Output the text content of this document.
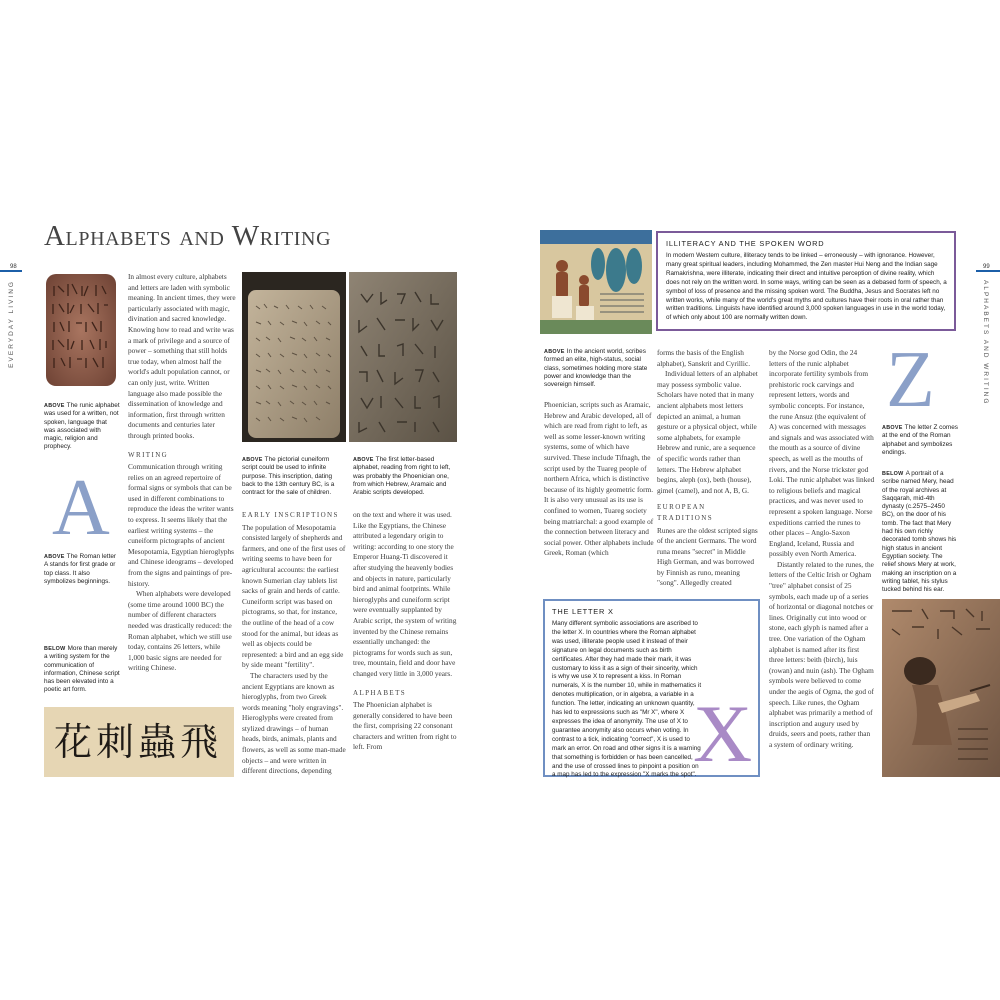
98
EVERYDAY LIVING
99
ALPHABETS AND WRITING
Alphabets and Writing
ABOVE The runic alphabet was used for a written, not spoken, language that was associated with magic, religion and prophecy.
A
ABOVE The Roman letter A stands for first grade or top class. It also symbolizes beginnings.
BELOW More than merely a writing system for the communication of information, Chinese script has been elevated into a poetic art form.
花刺蟲飛

In almost every culture, alphabets and letters are laden with symbolic meaning. In ancient times, they were particularly associated with magic, divination and sacred knowledge. Knowing how to read and write was a mark of privilege and a source of power – something that still holds true today, when almost half the world's adult population cannot, or can only just, write. Written language also made possible the dissemination of knowledge and information, first through written documents and centuries later through printed books.

WRITING

Communication through writing relies on an agreed repertoire of formal signs or symbols that can be used in different combinations to reproduce the ideas the writer wants to express. It seems likely that the earliest writing systems – the cuneiform pictographs of ancient Mesopotamia, Egyptian hieroglyphs and Chinese ideograms – developed from the signs and paintings of pre-history.

When alphabets were developed (some time around 1000 BC) the number of different characters needed was drastically reduced: the Roman alphabet, which we still use today, contains 26 letters, while 1,000 basic signs are needed for writing Chinese.

ABOVE The pictorial cuneiform script could be used to infinite purpose. This inscription, dating back to the 13th century BC, is a contract for the sale of children.
ABOVE The first letter-based alphabet, reading from right to left, was probably the Phoenician one, from which Hebrew, Aramaic and Arabic scripts developed.
EARLY INSCRIPTIONS

The population of Mesopotamia consisted largely of shepherds and farmers, and one of the first uses of writing seems to have been for agricultural accounts: the earliest known Sumerian clay tablets list sacks of grain and herds of cattle. Cuneiform script was based on pictograms, so that, for instance, the outline of the head of a cow stood for the animal, but ideas as well as objects could be represented: a bird and an egg side by side meant "fertility".

The characters used by the ancient Egyptians are known as hieroglyphs, from two Greek words meaning "holy engravings". Hieroglyphs were created from stylized drawings – of human heads, birds, animals, plants and flowers, as well as some man-made objects – and were written in different directions, depending

on the text and where it was used. Like the Egyptians, the Chinese attributed a legendary origin to writing: according to one story the Emperor Huang-Ti discovered it after studying the heavenly bodies and objects in nature, particularly bird and animal footprints. While hieroglyphs and cuneiform script were eventually supplanted by Arabic script, the system of writing invented by the Chinese remains essentially unchanged: the pictograms for words such as sun, tree, mountain, field and door have changed very little in 3,000 years.

ALPHABETS

The Phoenician alphabet is generally considered to have been the first, comprising 22 consonant characters and written from right to left. From

ABOVE In the ancient world, scribes formed an elite, high-status, social class, sometimes holding more state power and knowledge than the sovereign himself.
ILLITERACY AND THE SPOKEN WORD
In modern Western culture, illiteracy tends to be linked – erroneously – with ignorance. However, many great spiritual leaders, including Mohammed, the Zen master Hui Neng and the Indian sage Ramakrishna, were illiterate, indicating their direct and intuitive perception of divine reality, which does not rely on the written word. In some ways, writing can be seen as a debased form of speech, a symbol of loss of presence and the missing spoken word. The Buddha, Jesus and Socrates left no written works, while many of the world's great myths and cultures have their roots in oral rather than written traditions. Linguists have identified around 3,000 spoken languages in use in the world today, of which only about 100 are normally written down.

Phoenician, scripts such as Aramaic, Hebrew and Arabic developed, all of which are read from right to left, as well as some lesser-known writing systems, some of which have survived. These include Tifnagh, the script used by the Tuareg people of northern Africa, which is distinctive because of its highly geometric form. It is also very unusual as its use is confined to women, Tuareg society being matriarchal: a good example of the connection between literacy and social power. Other alphabets include Greek, Roman (which

forms the basis of the English alphabet), Sanskrit and Cyrillic.

Individual letters of an alphabet may possess symbolic value. Scholars have noted that in many ancient alphabets most letters depicted an animal, a human gesture or a physical object, while some alphabets, for example Hebrew and runic, are a sequence of specific words rather than letters. The Hebrew alphabet begins, aleph (ox), beth (house), gimel (camel), and not A, B, G.

EUROPEAN TRADITIONS

Runes are the oldest scripted signs of the ancient Germans. The word runa means "secret" in Middle High German, and was borrowed by Finnish as runo, meaning "song". Allegedly created

by the Norse god Odin, the 24 letters of the runic alphabet incorporate fertility symbols from prehistoric rock carvings and represent letters, words and symbolic concepts. For instance, the rune Ansuz (the equivalent of A) was concerned with messages and signals and was associated with the mouth as a source of divine speech, as well as the mouths of rivers, and the Norse trickster god Loki. The runic alphabet was linked to religious beliefs and magical practices, and was never used to represent a spoken language. Norse expeditions carried the runes to other places – Anglo-Saxon England, Iceland, Russia and possibly even North America.

Distantly related to the runes, the letters of the Celtic Irish or Ogham "tree" alphabet consist of 25 symbols, each made up of a series of horizontal or diagonal notches or lines. Originally cut into wood or stone, each glyph is named after a tree. One variation of the Ogham alphabet is named after its first three letters: beith (birch), luis (rowan) and nuin (ash). The Ogham symbols were believed to come under the aegis of Ogma, the god of speech. Like runes, the Ogham alphabet was primarily a method of inscription and augury used by druids, seers and poets, rather than a system of ordinary writing.

THE LETTER X
Many different symbolic associations are ascribed to the letter X. In countries where the Roman alphabet was used, illiterate people used it instead of their signature on legal documents such as birth certificates. After they had made their mark, it was customary to kiss it as a sign of their sincerity, which is why we use X to represent a kiss. In Roman numerals, X is the number 10, while in mathematics it denotes multiplication, or in algebra, a variable in a function. The letter, indicating an unknown quantity, has led to expressions such as "Mr X", where X expresses the idea of anonymity. The use of X to guarantee anonymity also occurs when voting. In contrast to a tick, indicating "correct", X is used to mark an error. On road and other signs it is a warning that something is forbidden or has been cancelled, and the use of crossed lines to pinpoint a position on a map has led to the expression "X marks the spot".
X
Z
ABOVE The letter Z comes at the end of the Roman alphabet and symbolizes endings.
BELOW A portrait of a scribe named Mery, head of the royal archives at Saqqarah, mid-4th dynasty (c.2575–2450 BC), on the door of his tomb. The fact that Mery had his own richly decorated tomb shows his high status in ancient Egyptian society. The relief shows Mery at work, making an inscription on a writing tablet, his stylus tucked behind his ear.
